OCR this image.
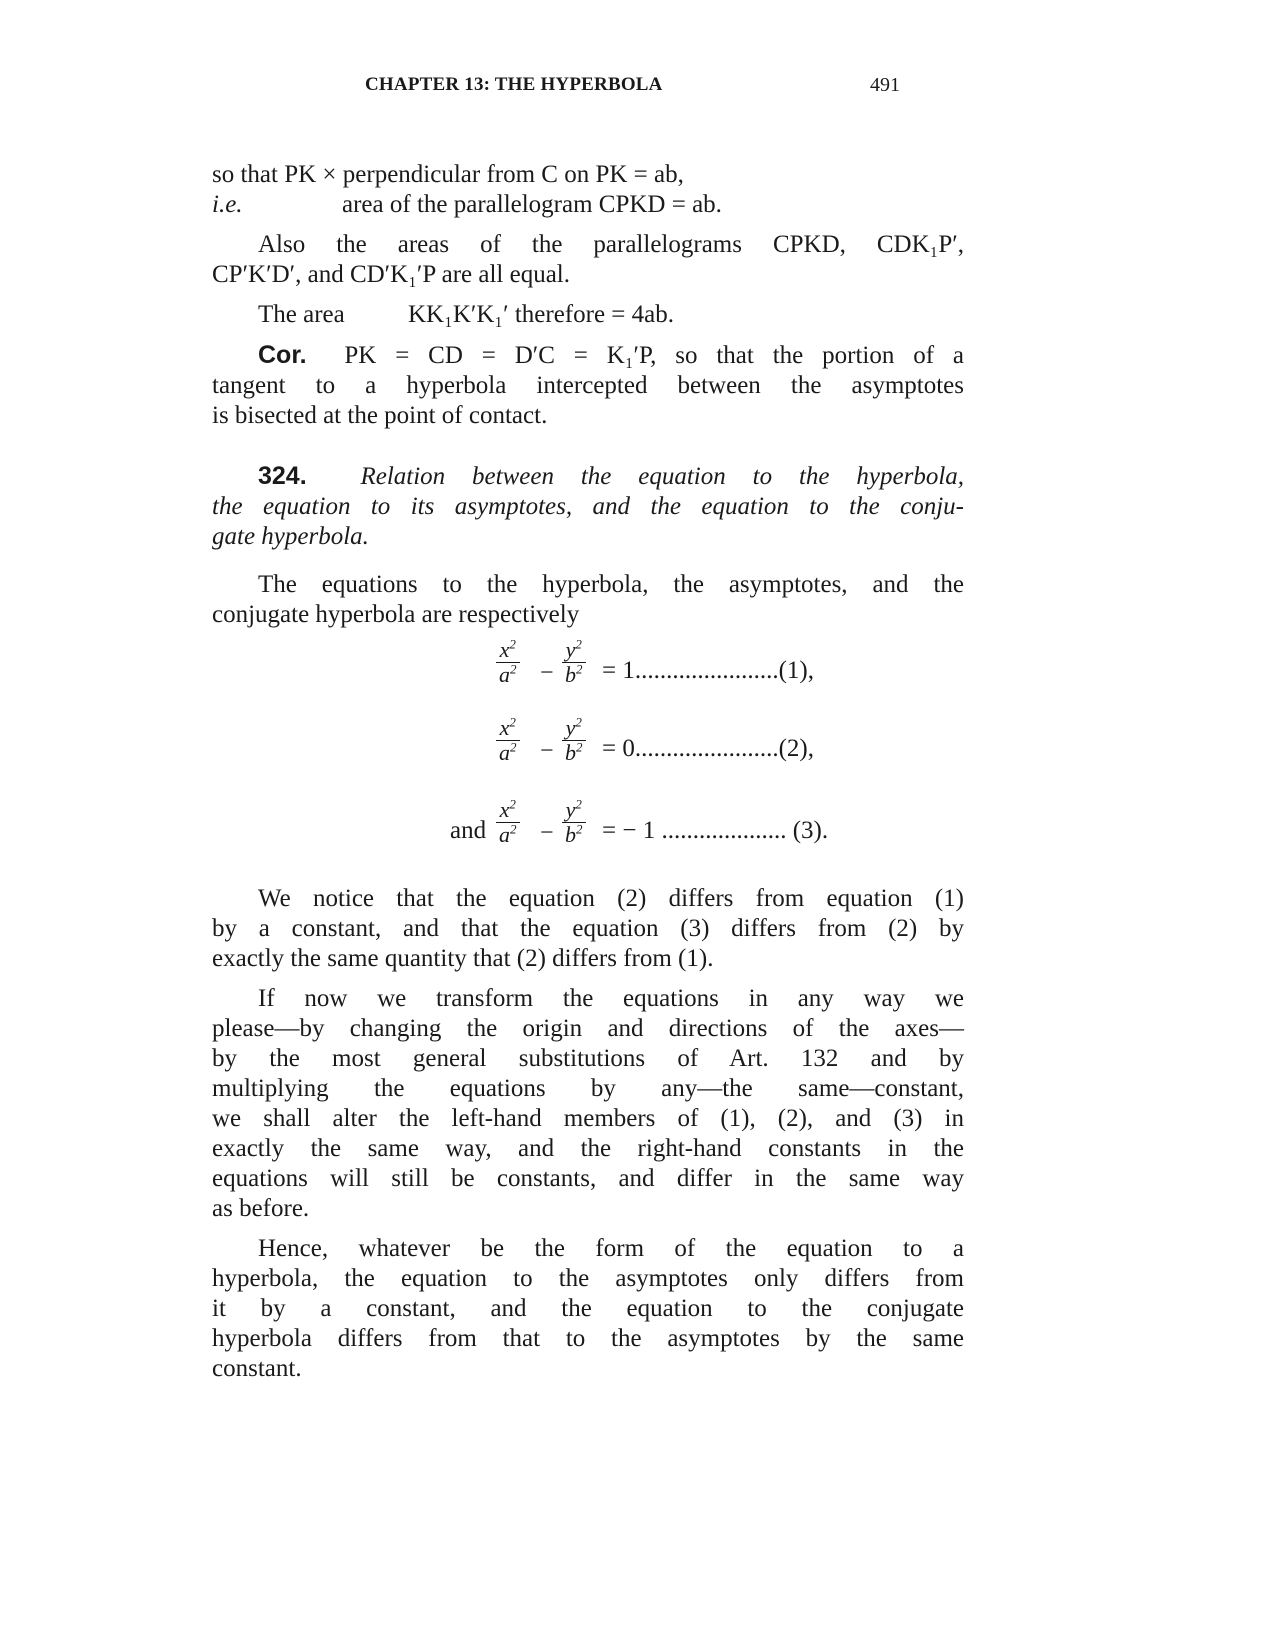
CHAPTER 13: THE HYPERBOLA	491
so that PK × perpendicular from C on PK = ab,
i.e.	area of the parallelogram CPKD = ab.
Also the areas of the parallelograms CPKD, CDK₁P′,
CP′K′D′, and CD′K₁′P are all equal.
The area	KK₁K′K₁′ therefore = 4ab.
Cor. PK = CD = D′C = K₁′P, so that the portion of a
tangent to a hyperbola intercepted between the asymptotes
is bisected at the point of contact.
324. Relation between the equation to the hyperbola,
the equation to its asymptotes, and the equation to the conju-
gate hyperbola.
The equations to the hyperbola, the asymptotes, and the
conjugate hyperbola are respectively
$\frac{x^2}{a^2} - \frac{y^2}{b^2} = 1.......................(1)$,
$\frac{x^2}{a^2} - \frac{y^2}{b^2} = 0.......................(2)$,
and $\frac{x^2}{a^2} - \frac{y^2}{b^2}$ = − 1 .................... (3).
We notice that the equation (2) differs from equation (1)
by a constant, and that the equation (3) differs from (2) by
exactly the same quantity that (2) differs from (1).
If now we transform the equations in any way we
please—by changing the origin and directions of the axes—
by the most general substitutions of Art. 132 and by
multiplying the equations by any—the same—constant,
we shall alter the left-hand members of (1), (2), and (3) in
exactly the same way, and the right-hand constants in the
equations will still be constants, and differ in the same way
as before.
Hence, whatever be the form of the equation to a
hyperbola, the equation to the asymptotes only differs from
it by a constant, and the equation to the conjugate
hyperbola differs from that to the asymptotes by the same
constant.
